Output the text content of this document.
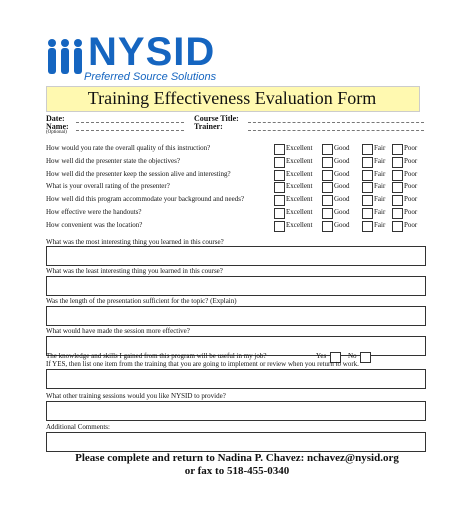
NYSID
Preferred Source Solutions
Training Effectiveness Evaluation Form
Date:
Name:
(Optional)
Course Title:
Trainer:
How would you rate the overall quality of this instruction?	Excellent	Good	Fair	Poor
How well did the presenter state the objectives?	Excellent	Good	Fair	Poor
How well did the presenter keep the session alive and interesting?	Excellent	Good	Fair	Poor
What is your overall rating of the presenter?	Excellent	Good	Fair	Poor
How well did this program accommodate your background and needs?	Excellent	Good	Fair	Poor
How effective were the handouts?	Excellent	Good	Fair	Poor
How convenient was the location?	Excellent	Good	Fair	Poor
What was the most interesting thing you learned in this course?
What was the least interesting thing you learned in this course?
Was the length of the presentation sufficient for the topic? (Explain)
What would have made the session more effective?
The knowledge and skills I gained from this program will be useful in my job?	Yes	No
If YES, then list one item from the training that you are going to implement or review when you return to work.
What other training sessions would you like NYSID to provide?
Additional Comments:
Please complete and return to Nadina P. Chavez: nchavez@nysid.org
or fax to 518-455-0340
